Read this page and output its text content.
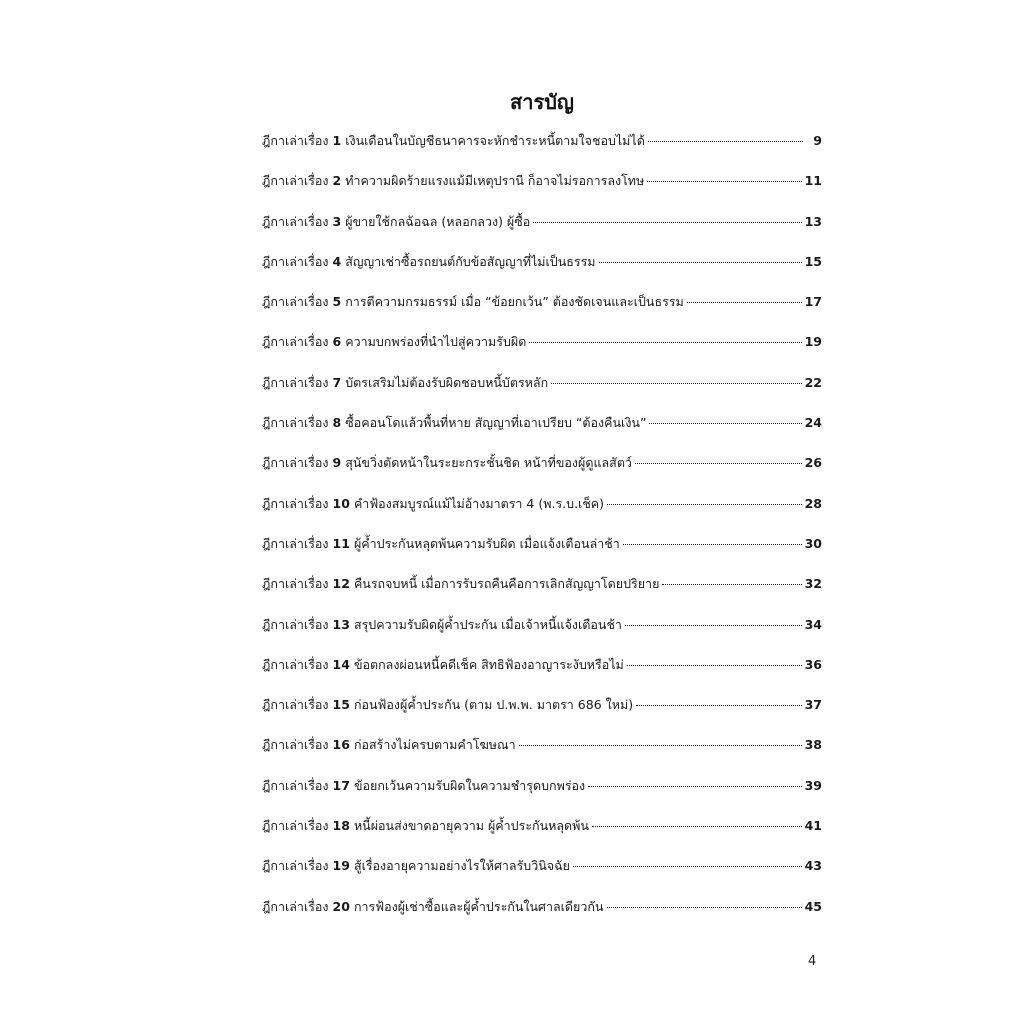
สารบัญ
ฎีกาเล่าเรื่อง 1 เงินเดือนในบัญชีธนาคารจะหักชำระหนี้ตามใจชอบไม่ได้	9
ฎีกาเล่าเรื่อง 2 ทำความผิดร้ายแรงแม้มีเหตุปรานี ก็อาจไม่รอการลงโทษ	11
ฎีกาเล่าเรื่อง 3 ผู้ขายใช้กลฉ้อฉล (หลอกลวง) ผู้ซื้อ	13
ฎีกาเล่าเรื่อง 4 สัญญาเช่าซื้อรถยนต์กับข้อสัญญาที่ไม่เป็นธรรม	15
ฎีกาเล่าเรื่อง 5 การตีความกรมธรรม์ เมื่อ “ข้อยกเว้น” ต้องชัดเจนและเป็นธรรม	17
ฎีกาเล่าเรื่อง 6 ความบกพร่องที่นำไปสู่ความรับผิด	19
ฎีกาเล่าเรื่อง 7 บัตรเสริมไม่ต้องรับผิดชอบหนี้บัตรหลัก	22
ฎีกาเล่าเรื่อง 8 ซื้อคอนโดแล้วพื้นที่หาย สัญญาที่เอาเปรียบ “ต้องคืนเงิน”	24
ฎีกาเล่าเรื่อง 9 สุนัขวิ่งตัดหน้าในระยะกระชั้นชิด หน้าที่ของผู้ดูแลสัตว์	26
ฎีกาเล่าเรื่อง 10 คำฟ้องสมบูรณ์แม้ไม่อ้างมาตรา 4 (พ.ร.บ.เช็ค)	28
ฎีกาเล่าเรื่อง 11 ผู้ค้ำประกันหลุดพ้นความรับผิด เมื่อแจ้งเตือนล่าช้า	30
ฎีกาเล่าเรื่อง 12 คืนรถจบหนี้ เมื่อการรับรถคืนคือการเลิกสัญญาโดยปริยาย	32
ฎีกาเล่าเรื่อง 13 สรุปความรับผิดผู้ค้ำประกัน เมื่อเจ้าหนี้แจ้งเตือนช้า	34
ฎีกาเล่าเรื่อง 14 ข้อตกลงผ่อนหนี้คดีเช็ค สิทธิฟ้องอาญาระงับหรือไม่	36
ฎีกาเล่าเรื่อง 15 ก่อนฟ้องผู้ค้ำประกัน (ตาม ป.พ.พ. มาตรา 686 ใหม่)	37
ฎีกาเล่าเรื่อง 16 ก่อสร้างไม่ครบตามคำโฆษณา	38
ฎีกาเล่าเรื่อง 17 ข้อยกเว้นความรับผิดในความชำรุดบกพร่อง	39
ฎีกาเล่าเรื่อง 18 หนี้ผ่อนส่งขาดอายุความ ผู้ค้ำประกันหลุดพ้น	41
ฎีกาเล่าเรื่อง 19 สู้เรื่องอายุความอย่างไรให้ศาลรับวินิจฉัย	43
ฎีกาเล่าเรื่อง 20 การฟ้องผู้เช่าซื้อและผู้ค้ำประกันในศาลเดียวกัน	45
4
